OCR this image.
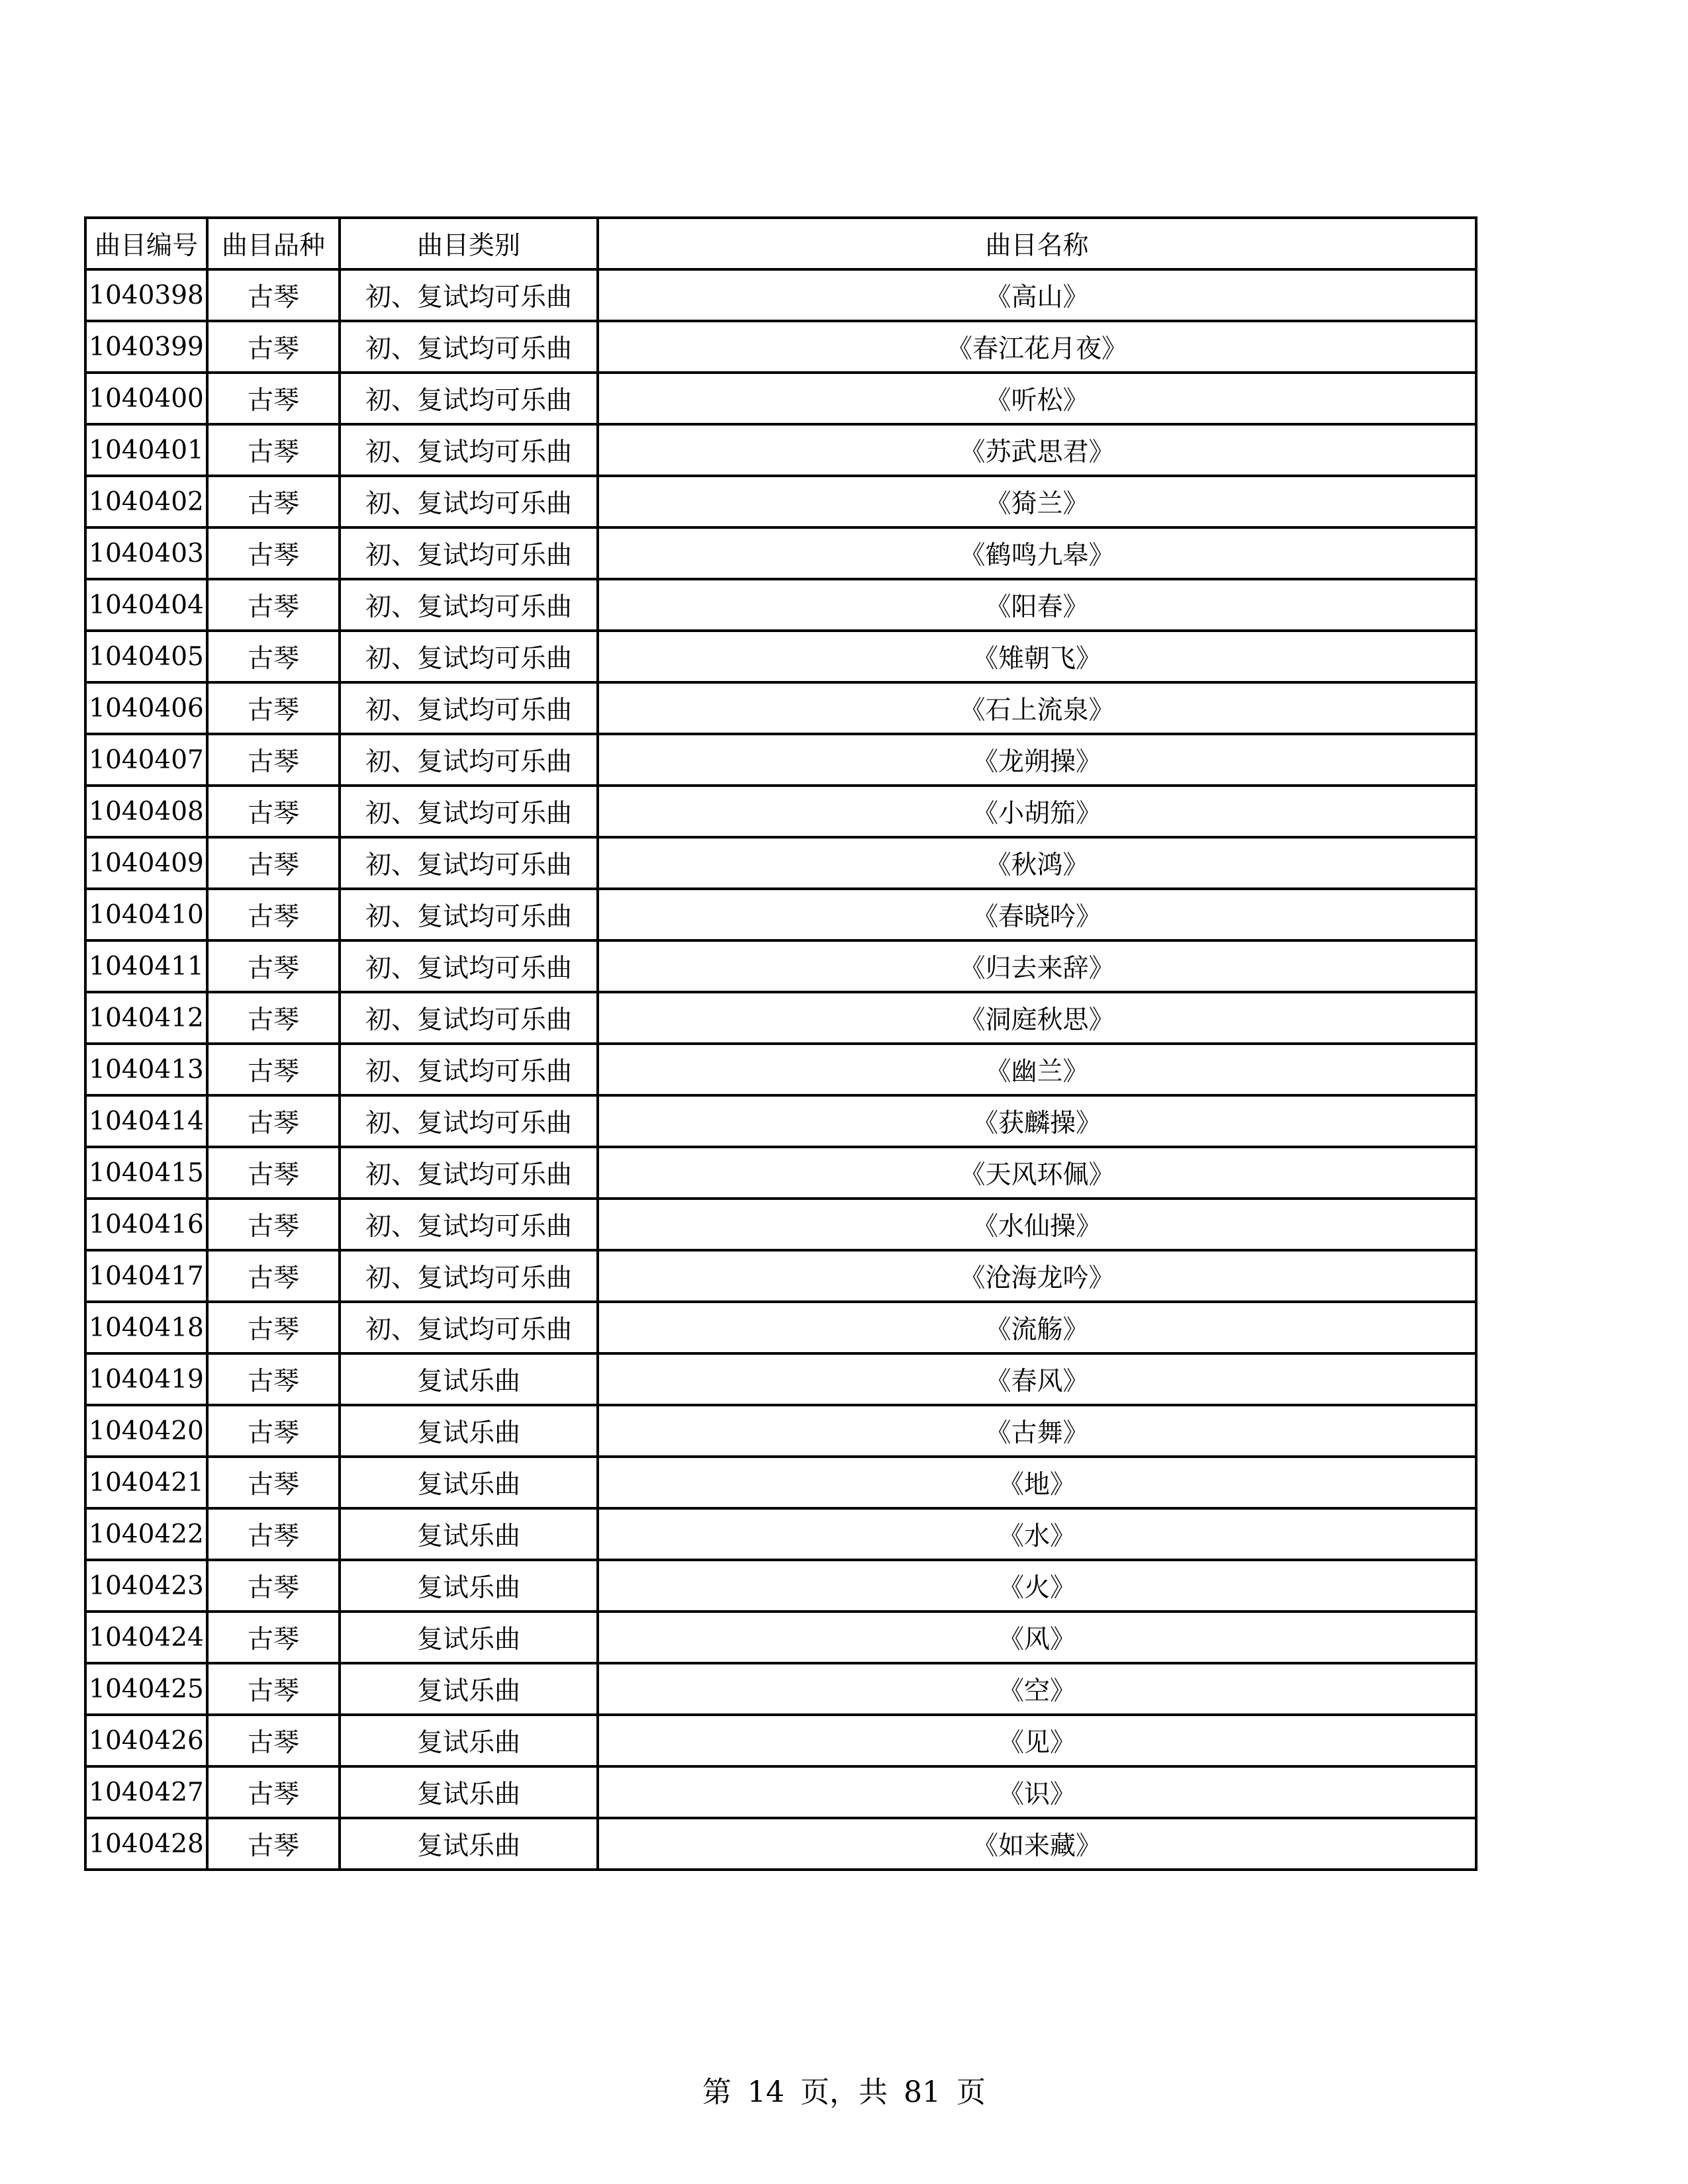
曲目编号	曲目品种	曲目类别	曲目名称
1040398	古琴	初、复试均可乐曲	《高山》
1040399	古琴	初、复试均可乐曲	《春江花月夜》
1040400	古琴	初、复试均可乐曲	《听松》
1040401	古琴	初、复试均可乐曲	《苏武思君》
1040402	古琴	初、复试均可乐曲	《猗兰》
1040403	古琴	初、复试均可乐曲	《鹤鸣九皋》
1040404	古琴	初、复试均可乐曲	《阳春》
1040405	古琴	初、复试均可乐曲	《雉朝飞》
1040406	古琴	初、复试均可乐曲	《石上流泉》
1040407	古琴	初、复试均可乐曲	《龙朔操》
1040408	古琴	初、复试均可乐曲	《小胡笳》
1040409	古琴	初、复试均可乐曲	《秋鸿》
1040410	古琴	初、复试均可乐曲	《春晓吟》
1040411	古琴	初、复试均可乐曲	《归去来辞》
1040412	古琴	初、复试均可乐曲	《洞庭秋思》
1040413	古琴	初、复试均可乐曲	《幽兰》
1040414	古琴	初、复试均可乐曲	《获麟操》
1040415	古琴	初、复试均可乐曲	《天风环佩》
1040416	古琴	初、复试均可乐曲	《水仙操》
1040417	古琴	初、复试均可乐曲	《沧海龙吟》
1040418	古琴	初、复试均可乐曲	《流觞》
1040419	古琴	复试乐曲	《春风》
1040420	古琴	复试乐曲	《古舞》
1040421	古琴	复试乐曲	《地》
1040422	古琴	复试乐曲	《水》
1040423	古琴	复试乐曲	《火》
1040424	古琴	复试乐曲	《风》
1040425	古琴	复试乐曲	《空》
1040426	古琴	复试乐曲	《见》
1040427	古琴	复试乐曲	《识》
1040428	古琴	复试乐曲	《如来藏》
第 14 页，共 81 页
